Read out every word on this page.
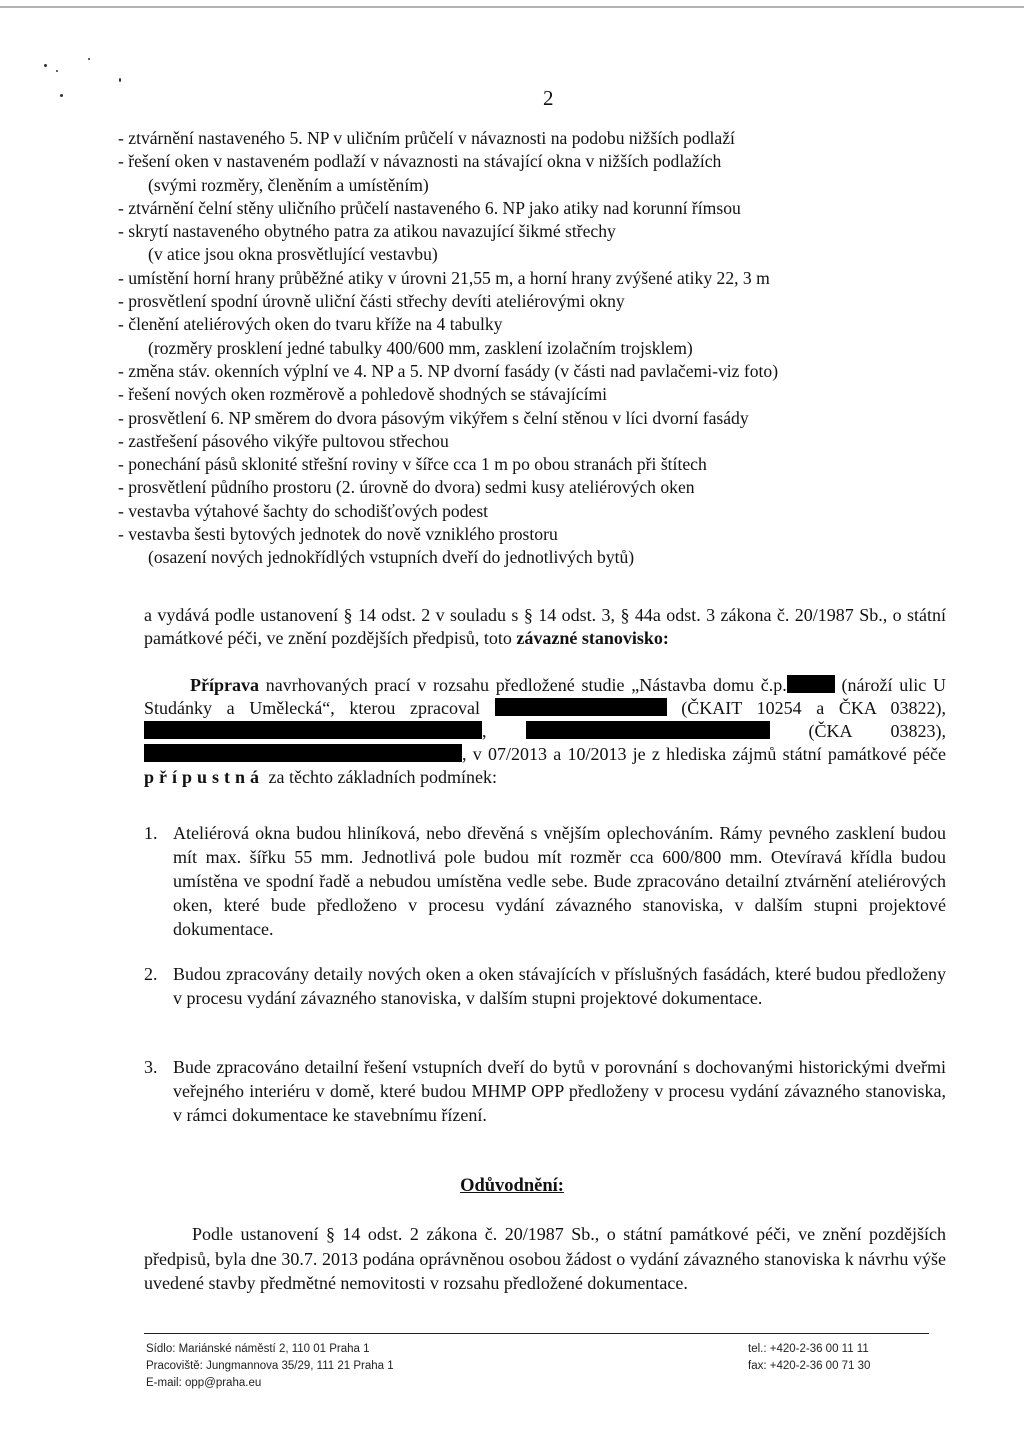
2
- ztvárnění nastaveného 5. NP v uličním průčelí v návaznosti na podobu nižších podlaží
- řešení oken v nastaveném podlaží v návaznosti na stávající okna v nižších podlažích
(svými rozměry, členěním a umístěním)
- ztvárnění čelní stěny uličního průčelí nastaveného 6. NP jako atiky nad korunní římsou
- skrytí nastaveného obytného patra za atikou navazující šikmé střechy
(v atice jsou okna prosvětlující vestavbu)
- umístění horní hrany průběžné atiky v úrovni 21,55 m, a horní hrany zvýšené atiky 22, 3 m
- prosvětlení spodní úrovně uliční části střechy devíti ateliérovými okny
- členění ateliérových oken do tvaru kříže na 4 tabulky
(rozměry prosklení jedné tabulky 400/600 mm, zasklení izolačním trojsklem)
- změna stáv. okenních výplní ve 4. NP a 5. NP dvorní fasády (v části nad pavlačemi-viz foto)
- řešení nových oken rozměrově a pohledově shodných se stávajícími
- prosvětlení 6. NP směrem do dvora pásovým vikýřem s čelní stěnou v líci dvorní fasády
- zastřešení pásového vikýře pultovou střechou
- ponechání pásů sklonité střešní roviny v šířce cca 1 m po obou stranách při štítech
- prosvětlení půdního prostoru (2. úrovně do dvora) sedmi kusy ateliérových oken
- vestavba výtahové šachty do schodišťových podest
- vestavba šesti bytových jednotek do nově vzniklého prostoru
(osazení nových jednokřídlých vstupních dveří do jednotlivých bytů)

a vydává podle ustanovení § 14 odst. 2 v souladu s § 14 odst. 3, § 44a odst. 3 zákona č. 20/1987 Sb., o státní památkové péči, ve znění pozdějších předpisů, toto závazné stanovisko:

Příprava navrhovaných prací v rozsahu předložené studie „Nástavba domu č.p.	(nároží ulic U Studánky a Umělecká“, kterou zpracoval	(ČKAIT 10254 a ČKA 03822), ,	(ČKA 03823), , v 07/2013 a 10/2013 je z hlediska zájmů státní památkové péče přípustná za těchto základních podmínek:

1. Ateliérová okna budou hliníková, nebo dřevěná s vnějším oplechováním. Rámy pevného zasklení budou mít max. šířku 55 mm. Jednotlivá pole budou mít rozměr cca 600/800 mm. Otevíravá křídla budou umístěna ve spodní řadě a nebudou umístěna vedle sebe. Bude zpracováno detailní ztvárnění ateliérových oken, které bude předloženo v procesu vydání závazného stanoviska, v dalším stupni projektové dokumentace.
2. Budou zpracovány detaily nových oken a oken stávajících v příslušných fasádách, které budou předloženy v procesu vydání závazného stanoviska, v dalším stupni projektové dokumentace.
3. Bude zpracováno detailní řešení vstupních dveří do bytů v porovnání s dochovanými historickými dveřmi veřejného interiéru v domě, které budou MHMP OPP předloženy v procesu vydání závazného stanoviska, v rámci dokumentace ke stavebnímu řízení.
Odůvodnění:

Podle ustanovení § 14 odst. 2 zákona č. 20/1987 Sb., o státní památkové péči, ve znění pozdějších předpisů, byla dne 30.7. 2013 podána oprávněnou osobou žádost o vydání závazného stanoviska k návrhu výše uvedené stavby předmětné nemovitosti v rozsahu předložené dokumentace.

Sídlo: Mariánské náměstí 2, 110 01 Praha 1
Pracoviště: Jungmannova 35/29, 111 21 Praha 1
E-mail: opp@praha.eu
tel.: +420-2-36 00 11 11
fax: +420-2-36 00 71 30
